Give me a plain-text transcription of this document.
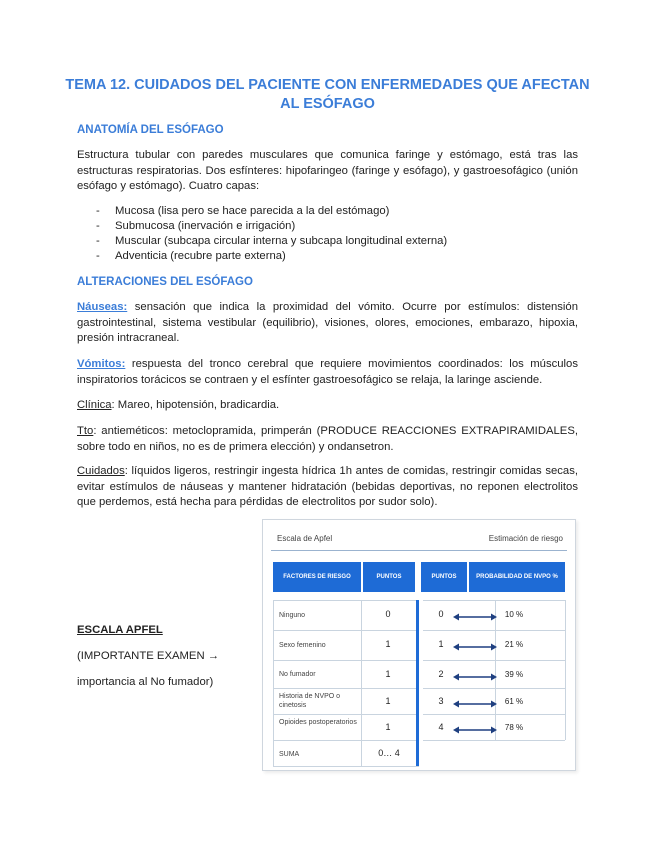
TEMA 12. CUIDADOS DEL PACIENTE CON ENFERMEDADES QUE AFECTAN AL ESÓFAGO
ANATOMÍA DEL ESÓFAGO
Estructura tubular con paredes musculares que comunica faringe y estómago, está tras las estructuras respiratorias. Dos esfínteres: hipofaringeo (faringe y esófago), y gastroesofágico (unión esófago y estómago). Cuatro capas:
- Mucosa (lisa pero se hace parecida a la del estómago)
- Submucosa (inervación e irrigación)
- Muscular (subcapa circular interna y subcapa longitudinal externa)
- Adventicia (recubre parte externa)
ALTERACIONES DEL ESÓFAGO
Náuseas: sensación que indica la proximidad del vómito. Ocurre por estímulos: distensión gastrointestinal, sistema vestibular (equilibrio), visiones, olores, emociones, embarazo, hipoxia, presión intracraneal.
Vómitos: respuesta del tronco cerebral que requiere movimientos coordinados: los músculos inspiratorios torácicos se contraen y el esfínter gastroesofágico se relaja, la laringe asciende.
Clínica: Mareo, hipotensión, bradicardia.
Tto: antieméticos: metoclopramida, primperán (PRODUCE REACCIONES EXTRAPIRAMIDALES, sobre todo en niños, no es de primera elección) y ondansetron.
Cuidados: líquidos ligeros, restringir ingesta hídrica 1h antes de comidas, restringir comidas secas, evitar estímulos de náuseas y mantener hidratación (bebidas deportivas, no reponen electrolitos que perdemos, está hecha para pérdidas de electrolitos por sudor solo).
ESCALA APFEL
(IMPORTANTE EXAMEN →
importancia al No fumador)
Escala de Apfel	Estimación de riesgo
FACTORES DE RIESGO	PUNTOS	PUNTOS	PROBABILIDAD DE NVPO %
Ninguno	0
Sexo femenino	1
No fumador	1
Historia de NVPO o cinetosis	1
Opioides postoperatorios	1
SUMA	0… 4
0	10 %
1	21 %
2	39 %
3	61 %
4	78 %
